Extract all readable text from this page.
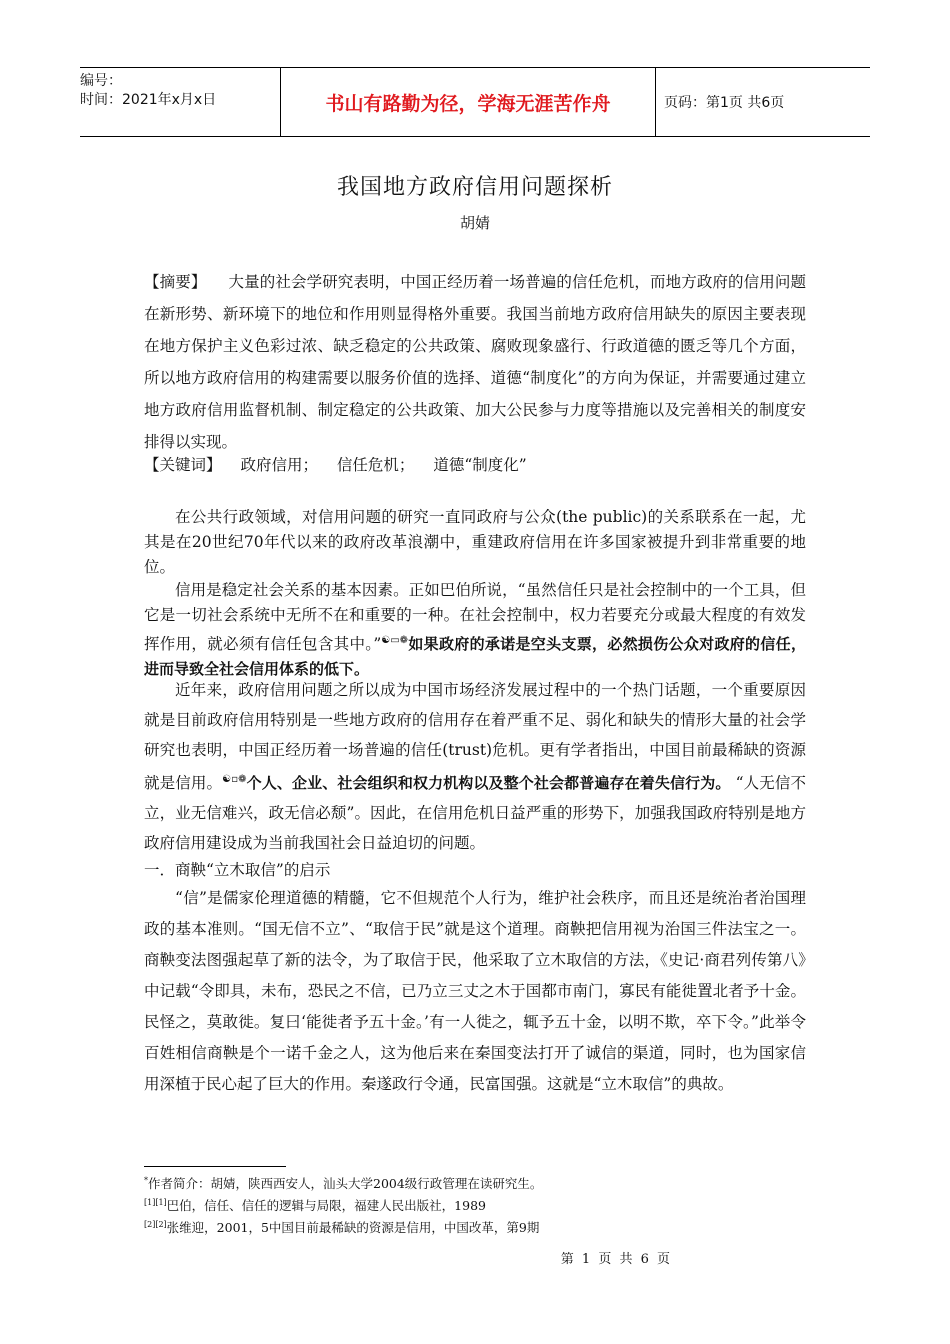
编号：
时间：2021年x月x日	书山有路勤为径，学海无涯苦作舟	页码：第1页 共6页
我国地方政府信用问题探析
胡婧
【摘要】 大量的社会学研究表明，中国正经历着一场普遍的信任危机，而地方政府的信用问题在新形势、新环境下的地位和作用则显得格外重要。我国当前地方政府信用缺失的原因主要表现在地方保护主义色彩过浓、缺乏稳定的公共政策、腐败现象盛行、行政道德的匮乏等几个方面，所以地方政府信用的构建需要以服务价值的选择、道德“制度化”的方向为保证，并需要通过建立地方政府信用监督机制、制定稳定的公共政策、加大公民参与力度等措施以及完善相关的制度安排得以实现。
【关键词】 政府信用； 信任危机； 道德“制度化”
在公共行政领域，对信用问题的研究一直同政府与公众(the public)的关系联系在一起，尤其是在20世纪70年代以来的政府改革浪潮中，重建政府信用在许多国家被提升到非常重要的地位。
信用是稳定社会关系的基本因素。正如巴伯所说，“虽然信任只是社会控制中的一个工具，但它是一切社会系统中无所不在和重要的一种。在社会控制中，权力若要充分或最大程度的有效发挥作用，就必须有信任包含其中。”☯▭❁如果政府的承诺是空头支票，必然损伤公众对政府的信任，进而导致全社会信用体系的低下。
近年来，政府信用问题之所以成为中国市场经济发展过程中的一个热门话题，一个重要原因就是目前政府信用特别是一些地方政府的信用存在着严重不足、弱化和缺失的情形大量的社会学研究也表明，中国正经历着一场普遍的信任(trust)危机。更有学者指出，中国目前最稀缺的资源就是信用。☯▫❁个人、企业、社会组织和权力机构以及整个社会都普遍存在着失信行为。 “人无信不立，业无信难兴，政无信必颓”。因此，在信用危机日益严重的形势下，加强我国政府特别是地方政府信用建设成为当前我国社会日益迫切的问题。
一．商鞅“立木取信”的启示
“信”是儒家伦理道德的精髓，它不但规范个人行为，维护社会秩序，而且还是统治者治国理政的基本准则。“国无信不立”、“取信于民”就是这个道理。商鞅把信用视为治国三件法宝之一。商鞅变法图强起草了新的法令，为了取信于民，他采取了立木取信的方法，《史记·商君列传第八》中记载“令即具，未布，恐民之不信，已乃立三丈之木于国都市南门，寡民有能徙置北者予十金。民怪之，莫敢徙。复曰‘能徙者予五十金。’有一人徙之，辄予五十金，以明不欺，卒下令。”此举令百姓相信商鞅是个一诺千金之人，这为他后来在秦国变法打开了诚信的渠道，同时，也为国家信用深植于民心起了巨大的作用。秦遂政行令通，民富国强。这就是“立木取信”的典故。
*作者简介：胡婧，陕西西安人，汕头大学2004级行政管理在读研究生。
[1][1]巴伯，信任、信任的逻辑与局限，福建人民出版社，1989
[2][2]张维迎，2001，5中国目前最稀缺的资源是信用，中国改革，第9期
第 1 页 共 6 页
